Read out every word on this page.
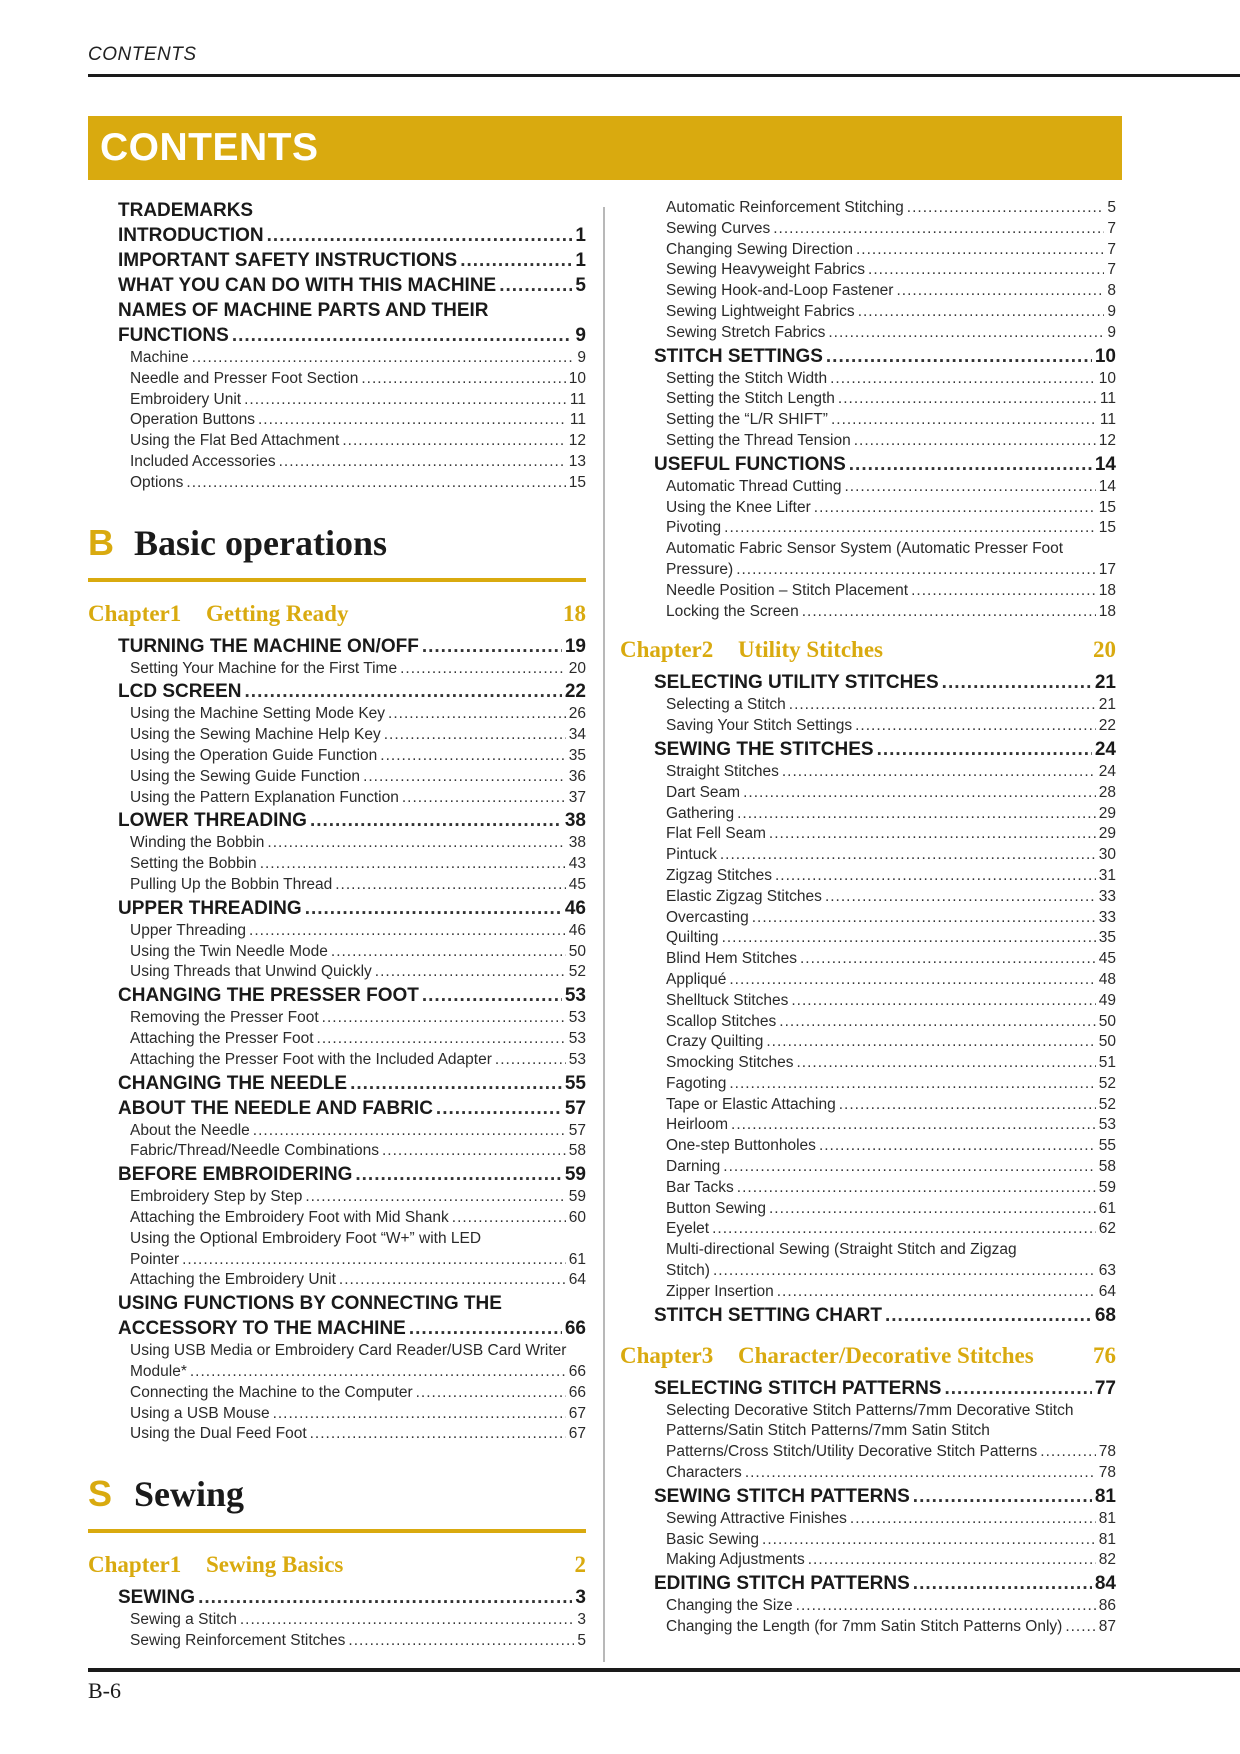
CONTENTS
CONTENTS
TRADEMARKS
INTRODUCTION .....	1
IMPORTANT SAFETY INSTRUCTIONS .....	1
WHAT YOU CAN DO WITH THIS MACHINE .....	5
NAMES OF MACHINE PARTS AND THEIR
FUNCTIONS .....	9
Machine .....	9
Needle and Presser Foot Section .....	10
Embroidery Unit .....	11
Operation Buttons .....	11
Using the Flat Bed Attachment .....	12
Included Accessories .....	13
Options .....	15
B Basic operations
Chapter1	Getting Ready	18
TURNING THE MACHINE ON/OFF .....	19
Setting Your Machine for the First Time .....	20
LCD SCREEN .....	22
Using the Machine Setting Mode Key .....	26
Using the Sewing Machine Help Key .....	34
Using the Operation Guide Function .....	35
Using the Sewing Guide Function .....	36
Using the Pattern Explanation Function .....	37
LOWER THREADING .....	38
Winding the Bobbin .....	38
Setting the Bobbin .....	43
Pulling Up the Bobbin Thread .....	45
UPPER THREADING .....	46
Upper Threading .....	46
Using the Twin Needle Mode .....	50
Using Threads that Unwind Quickly .....	52
CHANGING THE PRESSER FOOT .....	53
Removing the Presser Foot .....	53
Attaching the Presser Foot .....	53
Attaching the Presser Foot with the Included Adapter .....	53
CHANGING THE NEEDLE .....	55
ABOUT THE NEEDLE AND FABRIC .....	57
About the Needle .....	57
Fabric/Thread/Needle Combinations .....	58
BEFORE EMBROIDERING .....	59
Embroidery Step by Step .....	59
Attaching the Embroidery Foot with Mid Shank .....	60
Using the Optional Embroidery Foot “W+” with LED
Pointer .....	61
Attaching the Embroidery Unit .....	64
USING FUNCTIONS BY CONNECTING THE
ACCESSORY TO THE MACHINE .....	66
Using USB Media or Embroidery Card Reader/USB Card Writer
Module* .....	66
Connecting the Machine to the Computer .....	66
Using a USB Mouse .....	67
Using the Dual Feed Foot .....	67
S Sewing
Chapter1	Sewing Basics	2
SEWING .....	3
Sewing a Stitch .....	3
Sewing Reinforcement Stitches .....	5
Automatic Reinforcement Stitching .....	5
Sewing Curves .....	7
Changing Sewing Direction .....	7
Sewing Heavyweight Fabrics .....	7
Sewing Hook-and-Loop Fastener .....	8
Sewing Lightweight Fabrics .....	9
Sewing Stretch Fabrics .....	9
STITCH SETTINGS .....	10
Setting the Stitch Width .....	10
Setting the Stitch Length .....	11
Setting the “L/R SHIFT” .....	11
Setting the Thread Tension .....	12
USEFUL FUNCTIONS .....	14
Automatic Thread Cutting .....	14
Using the Knee Lifter .....	15
Pivoting .....	15
Automatic Fabric Sensor System (Automatic Presser Foot
Pressure) .....	17
Needle Position – Stitch Placement .....	18
Locking the Screen .....	18
Chapter2	Utility Stitches	20
SELECTING UTILITY STITCHES .....	21
Selecting a Stitch .....	21
Saving Your Stitch Settings .....	22
SEWING THE STITCHES .....	24
Straight Stitches .....	24
Dart Seam .....	28
Gathering .....	29
Flat Fell Seam .....	29
Pintuck .....	30
Zigzag Stitches .....	31
Elastic Zigzag Stitches .....	33
Overcasting .....	33
Quilting .....	35
Blind Hem Stitches .....	45
Appliqué .....	48
Shelltuck Stitches .....	49
Scallop Stitches .....	50
Crazy Quilting .....	50
Smocking Stitches .....	51
Fagoting .....	52
Tape or Elastic Attaching .....	52
Heirloom .....	53
One-step Buttonholes .....	55
Darning .....	58
Bar Tacks .....	59
Button Sewing .....	61
Eyelet .....	62
Multi-directional Sewing (Straight Stitch and Zigzag
Stitch) .....	63
Zipper Insertion .....	64
STITCH SETTING CHART .....	68
Chapter3	Character/Decorative Stitches	76
SELECTING STITCH PATTERNS .....	77
Selecting Decorative Stitch Patterns/7mm Decorative Stitch
Patterns/Satin Stitch Patterns/7mm Satin Stitch
Patterns/Cross Stitch/Utility Decorative Stitch Patterns .....	78
Characters .....	78
SEWING STITCH PATTERNS .....	81
Sewing Attractive Finishes .....	81
Basic Sewing .....	81
Making Adjustments .....	82
EDITING STITCH PATTERNS .....	84
Changing the Size .....	86
Changing the Length (for 7mm Satin Stitch Patterns Only) ..... 87
B-6
